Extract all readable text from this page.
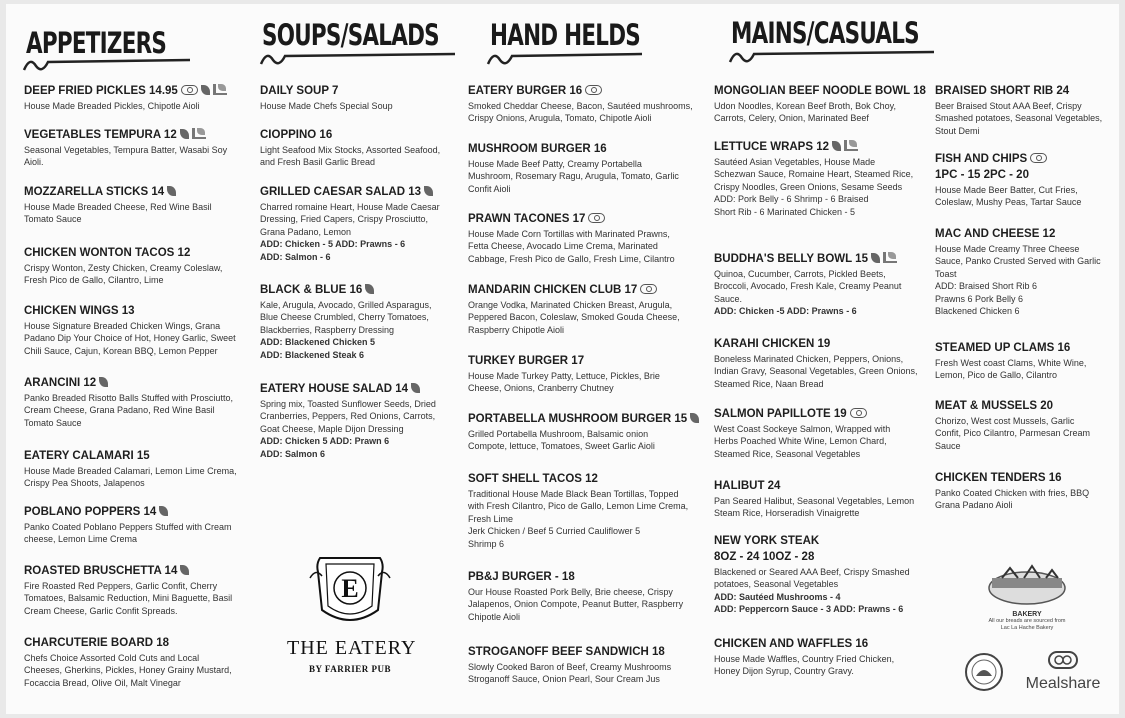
APPETIZERS	SOUPS/SALADS HAND HELDS	MAINS/CASUALS
DEEP FRIED PICKLES 14.95
House Made Breaded Pickles, Chipotle Aioli
VEGETABLES TEMPURA 12
Seasonal Vegetables, Tempura Batter, Wasabi Soy
Aioli.
MOZZARELLA STICKS 14
House Made Breaded Cheese, Red Wine Basil
Tomato Sauce
CHICKEN WONTON TACOS 12
Crispy Wonton, Zesty Chicken, Creamy Coleslaw,
Fresh Pico de Gallo, Cilantro, Lime
CHICKEN WINGS 13
House Signature Breaded Chicken Wings, Grana
Padano Dip Your Choice of Hot, Honey Garlic, Sweet
Chili Sauce, Cajun, Korean BBQ, Lemon Pepper
ARANCINI 12
Panko Breaded Risotto Balls Stuffed with Prosciutto,
Cream Cheese, Grana Padano, Red Wine Basil
Tomato Sauce
EATERY CALAMARI 15
House Made Breaded Calamari, Lemon Lime Crema,
Crispy Pea Shoots, Jalapenos
POBLANO POPPERS 14
Panko Coated Poblano Peppers Stuffed with Cream
cheese, Lemon Lime Crema
ROASTED BRUSCHETTA 14
Fire Roasted Red Peppers, Garlic Confit, Cherry
Tomatoes, Balsamic Reduction, Mini Baguette, Basil
Cream Cheese, Garlic Confit Spreads.
CHARCUTERIE BOARD 18
Chefs Choice Assorted Cold Cuts and Local
Cheeses, Gherkins, Pickles, Honey Grainy Mustard,
Focaccia Bread, Olive Oil, Malt Vinegar
DAILY SOUP 7
House Made Chefs Special Soup
CIOPPINO 16
Light Seafood Mix Stocks, Assorted Seafood,
and Fresh Basil Garlic Bread
GRILLED CAESAR SALAD 13
Charred romaine Heart, House Made Caesar
Dressing, Fried Capers, Crispy Prosciutto,
Grana Padano, Lemon
ADD: Chicken - 5 ADD: Prawns - 6
ADD: Salmon - 6
BLACK & BLUE 16
Kale, Arugula, Avocado, Grilled Asparagus,
Blue Cheese Crumbled, Cherry Tomatoes,
Blackberries, Raspberry Dressing
ADD: Blackened Chicken 5
ADD: Blackened Steak 6
EATERY HOUSE SALAD 14
Spring mix, Toasted Sunflower Seeds, Dried
Cranberries, Peppers, Red Onions, Carrots,
Goat Cheese, Maple Dijon Dressing
ADD: Chicken 5 ADD: Prawn 6
ADD: Salmon 6
E
THE EATERY
BY FARRIER PUB
EATERY BURGER 16
Smoked Cheddar Cheese, Bacon, Sautéed mushrooms,
Crispy Onions, Arugula, Tomato, Chipotle Aioli
MUSHROOM BURGER 16
House Made Beef Patty, Creamy Portabella
Mushroom, Rosemary Ragu, Arugula, Tomato, Garlic
Confit Aioli
PRAWN TACONES 17
House Made Corn Tortillas with Marinated Prawns,
Fetta Cheese, Avocado Lime Crema, Marinated
Cabbage, Fresh Pico de Gallo, Fresh Lime, Cilantro
MANDARIN CHICKEN CLUB 17
Orange Vodka, Marinated Chicken Breast, Arugula,
Peppered Bacon, Coleslaw, Smoked Gouda Cheese,
Raspberry Chipotle Aioli
TURKEY BURGER 17
House Made Turkey Patty, Lettuce, Pickles, Brie
Cheese, Onions, Cranberry Chutney
PORTABELLA MUSHROOM BURGER 15
Grilled Portabella Mushroom, Balsamic onion
Compote, lettuce, Tomatoes, Sweet Garlic Aioli
SOFT SHELL TACOS 12
Traditional House Made Black Bean Tortillas, Topped
with Fresh Cilantro, Pico de Gallo, Lemon Lime Crema,
Fresh Lime
Jerk Chicken / Beef 5 Curried Cauliflower 5
Shrimp 6
PB&J BURGER - 18
Our House Roasted Pork Belly, Brie cheese, Crispy
Jalapenos, Onion Compote, Peanut Butter, Raspberry
Chipotle Aioli
STROGANOFF BEEF SANDWICH 18
Slowly Cooked Baron of Beef, Creamy Mushrooms
Stroganoff Sauce, Onion Pearl, Sour Cream Jus
MONGOLIAN BEEF NOODLE BOWL 18
Udon Noodles, Korean Beef Broth, Bok Choy,
Carrots, Celery, Onion, Marinated Beef
LETTUCE WRAPS 12
Sautéed Asian Vegetables, House Made
Schezwan Sauce, Romaine Heart, Steamed Rice,
Crispy Noodles, Green Onions, Sesame Seeds
ADD: Pork Belly - 6 Shrimp - 6 Braised
Short Rib - 6 Marinated Chicken - 5
BUDDHA'S BELLY BOWL 15
Quinoa, Cucumber, Carrots, Pickled Beets,
Broccoli, Avocado, Fresh Kale, Creamy Peanut
Sauce.
ADD: Chicken -5 ADD: Prawns - 6
KARAHI CHICKEN 19
Boneless Marinated Chicken, Peppers, Onions,
Indian Gravy, Seasonal Vegetables, Green Onions,
Steamed Rice, Naan Bread
SALMON PAPILLOTE 19
West Coast Sockeye Salmon, Wrapped with
Herbs Poached White Wine, Lemon Chard,
Steamed Rice, Seasonal Vegetables
HALIBUT 24
Pan Seared Halibut, Seasonal Vegetables, Lemon
Steam Rice, Horseradish Vinaigrette
NEW YORK STEAK
8OZ - 24 10OZ - 28
Blackened or Seared AAA Beef, Crispy Smashed
potatoes, Seasonal Vegetables
ADD: Sautéed Mushrooms - 4
ADD: Peppercorn Sauce - 3 ADD: Prawns - 6
CHICKEN AND WAFFLES 16
House Made Waffles, Country Fried Chicken,
Honey Dijon Syrup, Country Gravy.
BRAISED SHORT RIB 24
Beer Braised Stout AAA Beef, Crispy
Smashed potatoes, Seasonal Vegetables,
Stout Demi
FISH AND CHIPS
1PC - 15 2PC - 20
House Made Beer Batter, Cut Fries,
Coleslaw, Mushy Peas, Tartar Sauce
MAC AND CHEESE 12
House Made Creamy Three Cheese
Sauce, Panko Crusted Served with Garlic
Toast
ADD: Braised Short Rib 6
Prawns 6 Pork Belly 6
Blackened Chicken 6
STEAMED UP CLAMS 16
Fresh West coast Clams, White Wine,
Lemon, Pico de Gallo, Cilantro
MEAT & MUSSELS 20
Chorizo, West cost Mussels, Garlic
Confit, Pico Cilantro, Parmesan Cream
Sauce
CHICKEN TENDERS 16
Panko Coated Chicken with fries, BBQ
Grana Padano Aioli
BAKERY
All our breads are sourced from
Lac La Hache Bakery
Mealshare
